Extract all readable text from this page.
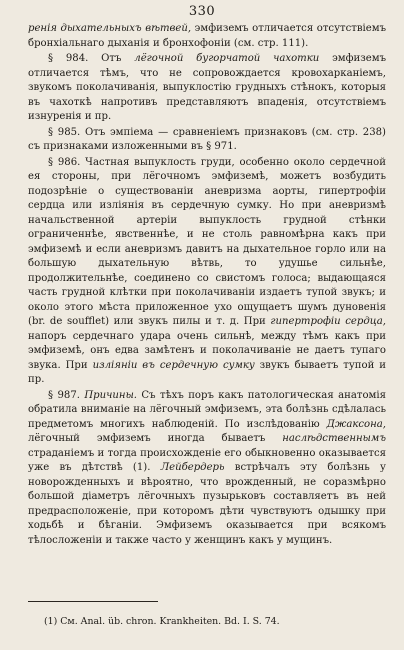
330

ренія дыхательныхъ вѣтвей, эмфиземъ отличается отсутствіемъ бронхіальнаго дыханія и бронхофоніи (см. стр. 111).

§ 984. Отъ лёгочной бугорчатой чахотки эмфиземъ отличается тѣмъ, что не сопровождается кровохарканіемъ, звукомъ поколачиванія, выпуклостію грудныхъ стѣнокъ, которыя въ чахоткѣ напротивъ представляютъ впаденія, отсутствіемъ изнуренія и пр.

§ 985. Отъ эмпіема — сравненіемъ признаковъ (см. стр. 238) съ признаками изложенными въ § 971.

§ 986. Частная выпуклость груди, особенно около сердечной ея стороны, при лёгочномъ эмфиземѣ, можетъ возбудить подозрѣніе о существованіи аневризма аорты, гипертрофіи сердца или изліянія въ сердечную сумку. Но при аневризмѣ начальственной артеріи выпуклость грудной стѣнки ограниченнѣе, явственнѣе, и не столь равномѣрна какъ при эмфиземѣ и если аневризмъ давитъ на дыхательное горло или на большую дыхательную вѣтвь, то удушье сильнѣе, продолжительнѣе, соединено со свистомъ голоса; выдающаяся часть грудной клѣтки при поколачиваніи издаетъ тупой звукъ; и около этого мѣста приложенное ухо ощущаетъ шумъ дуновенія (br. de soufflet) или звукъ пилы и т. д. При гипертрофіи сердца, напоръ сердечнаго удара очень сильнѣ, между тѣмъ какъ при эмфиземѣ, онъ едва замѣтенъ и поколачиваніе не даетъ тупаго звука. При изліяніи въ сердечную сумку звукъ бываетъ тупой и пр.

§ 987. Причины. Съ тѣхъ поръ какъ патологическая анатомія обратила вниманіе на лёгочный эмфиземъ, эта болѣзнь сдѣлалась предметомъ многихъ наблюденій. По изслѣдованію Джаксона, лёгочный эмфиземъ иногда бываетъ наслѣдственнымъ страданіемъ и тогда происхожденіе его обыкновенно оказывается уже въ дѣтствѣ (1). Лейбердерь встрѣчалъ эту болѣзнь у новорожденныхъ и вѣроятно, что врожденный, не соразмѣрно большой діаметръ лёгочныхъ пузырьковъ составляетъ въ ней предрасположеніе, при которомъ дѣти чувствуютъ одышку при ходьбѣ и бѣганіи. Эмфиземъ оказывается при всякомъ тѣлосложеніи и также часто у женщинъ какъ у мущинъ.

(1) См. Anal. üb. chron. Krankheiten. Bd. I. S. 74.
